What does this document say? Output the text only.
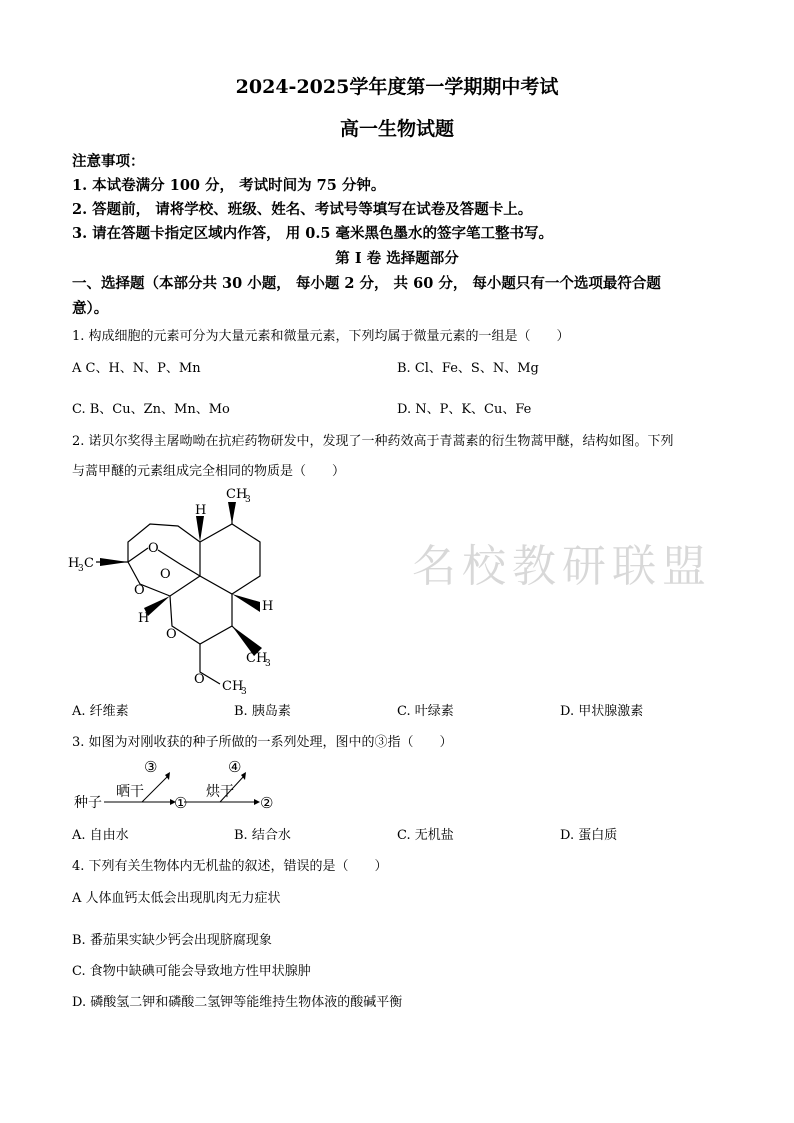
2024-2025学年度第一学期期中考试
高一生物试题
注意事项：
1. 本试卷满分 100 分， 考试时间为 75 分钟。
2. 答题前， 请将学校、班级、姓名、考试号等填写在试卷及答题卡上。
3. 请在答题卡指定区域内作答， 用 0.5 毫米黑色墨水的签字笔工整书写。
第 I 卷 选择题部分
一、选择题（本部分共 30 小题， 每小题 2 分， 共 60 分， 每小题只有一个选项最符合题
意）。
1. 构成细胞的元素可分为大量元素和微量元素，下列均属于微量元素的一组是（　　）
A C、H、N、P、Mn	B. Cl、Fe、S、N、Mg
C. B、Cu、Zn、Mn、Mo	D. N、P、K、Cu、Fe
2. 诺贝尔奖得主屠呦呦在抗疟药物研发中，发现了一种药效高于青蒿素的衍生物蒿甲醚，结构如图。下列
与蒿甲醚的元素组成完全相同的物质是（　　）
名校教研联盟
CH
3
H
H
3 C
O
O
O
H
H
O
CH
3
O CH
3
A. 纤维素	B. 胰岛素	C. 叶绿素	D. 甲状腺激素
3. 如图为对刚收获的种子所做的一系列处理，图中的③指（　　）
③	④
种子
晒干
①
烘干
②
A. 自由水	B. 结合水	C. 无机盐	D. 蛋白质
4. 下列有关生物体内无机盐的叙述，错误的是（　　）
A 人体血钙太低会出现肌肉无力症状
B. 番茄果实缺少钙会出现脐腐现象
C. 食物中缺碘可能会导致地方性甲状腺肿
D. 磷酸氢二钾和磷酸二氢钾等能维持生物体液的酸碱平衡
